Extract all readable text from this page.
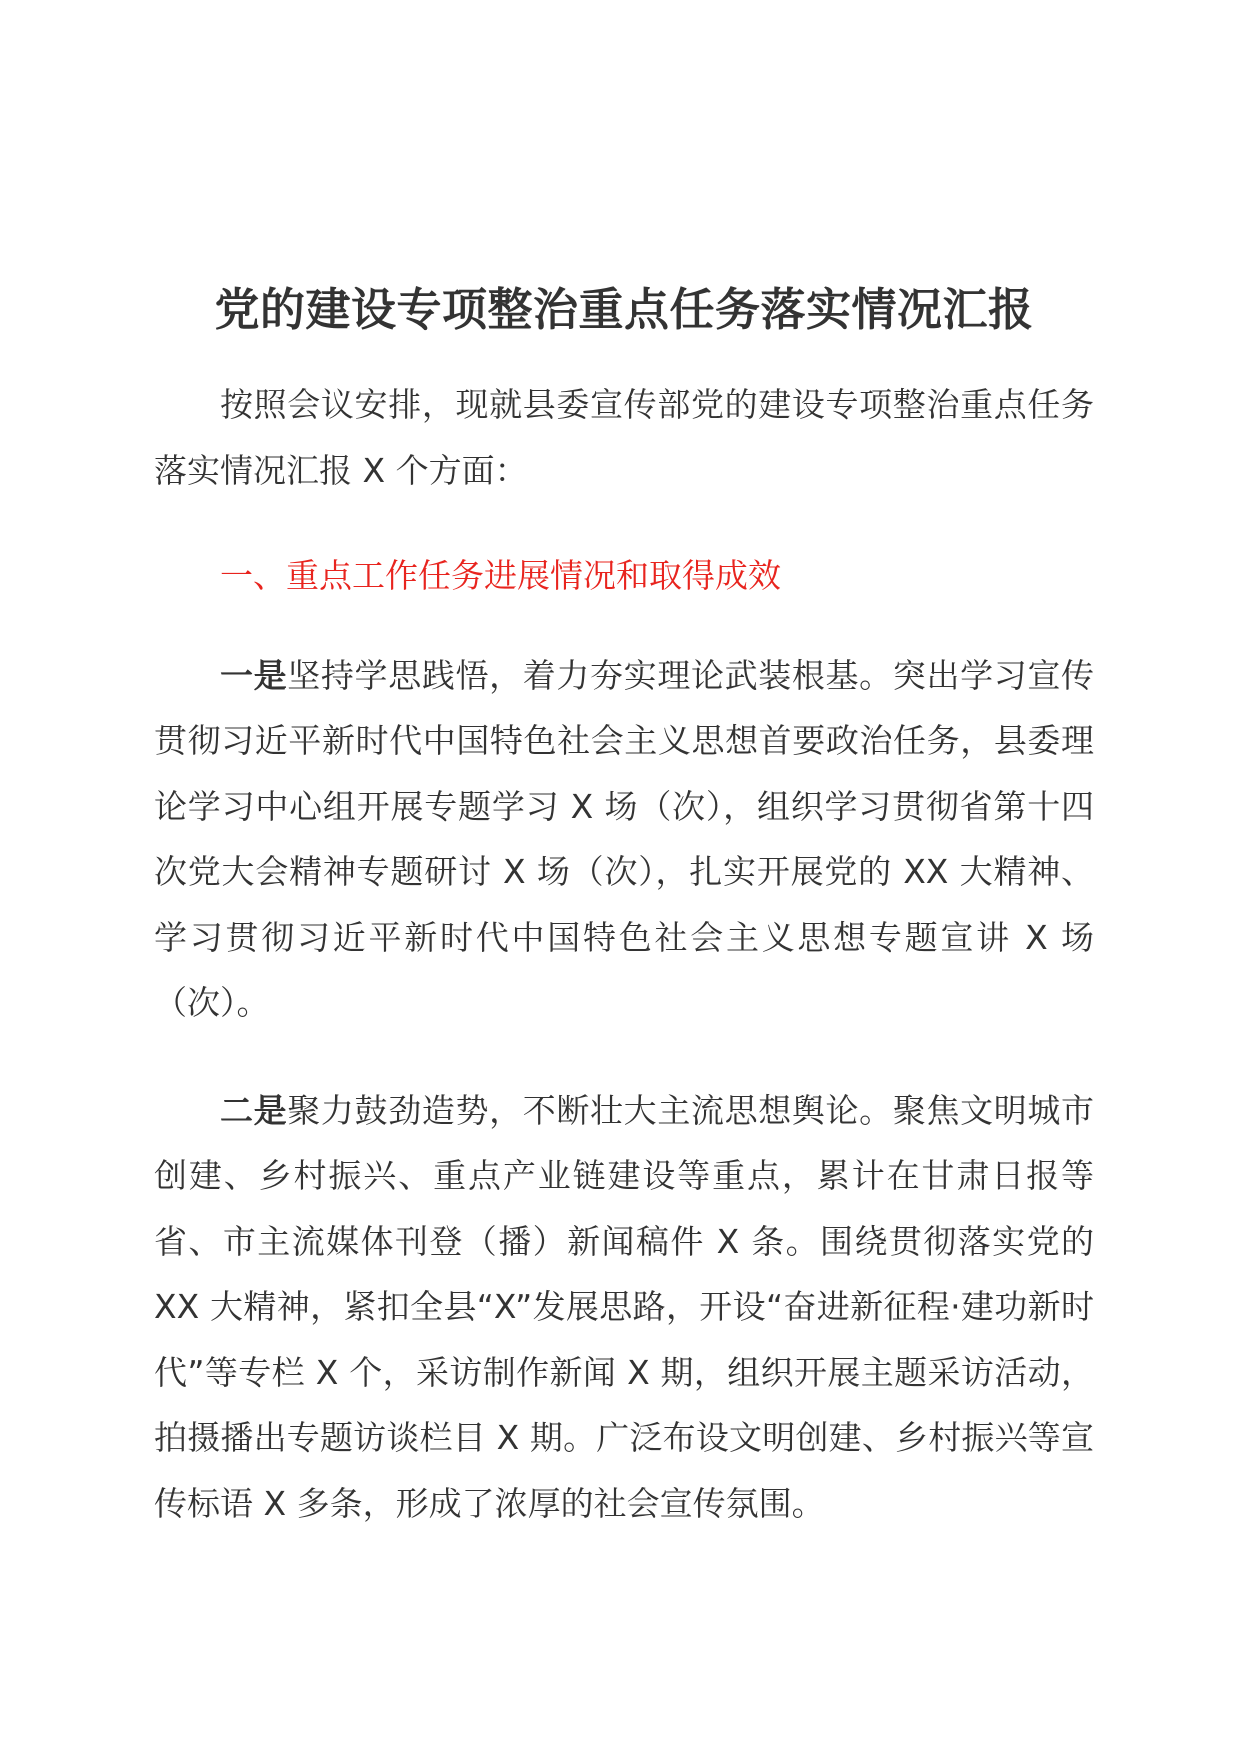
党的建设专项整治重点任务落实情况汇报

按照会议安排，现就县委宣传部党的建设专项整治重点任务落实情况汇报 X 个方面：

一、重点工作任务进展情况和取得成效

一是坚持学思践悟，着力夯实理论武装根基。突出学习宣传贯彻习近平新时代中国特色社会主义思想首要政治任务，县委理论学习中心组开展专题学习 X 场（次），组织学习贯彻省第十四次党大会精神专题研讨 X 场（次），扎实开展党的 XX 大精神、学习贯彻习近平新时代中国特色社会主义思想专题宣讲 X 场（次）。

二是聚力鼓劲造势，不断壮大主流思想舆论。聚焦文明城市创建、乡村振兴、重点产业链建设等重点，累计在甘肃日报等省、市主流媒体刊登（播）新闻稿件 X 条。围绕贯彻落实党的 XX 大精神，紧扣全县“X”发展思路，开设“奋进新征程·建功新时代”等专栏 X 个，采访制作新闻 X 期，组织开展主题采访活动，拍摄播出专题访谈栏目 X 期。广泛布设文明创建、乡村振兴等宣传标语 X 多条，形成了浓厚的社会宣传氛围。
